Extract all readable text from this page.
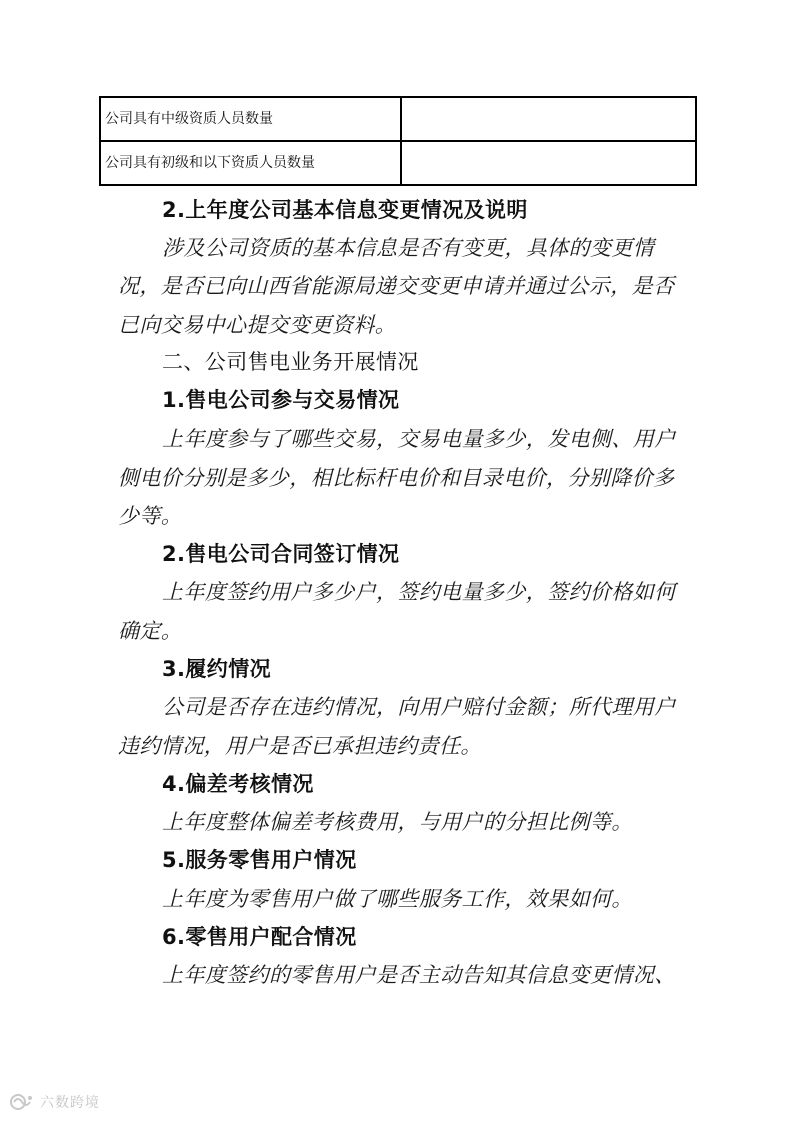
公司具有中级资质人员数量	
公司具有初级和以下资质人员数量	
2.上年度公司基本信息变更情况及说明
涉及公司资质的基本信息是否有变更，具体的变更情
况，是否已向山西省能源局递交变更申请并通过公示，是否
已向交易中心提交变更资料。
二、公司售电业务开展情况
1.售电公司参与交易情况
上年度参与了哪些交易，交易电量多少，发电侧、用户
侧电价分别是多少，相比标杆电价和目录电价，分别降价多
少等。
2.售电公司合同签订情况
上年度签约用户多少户，签约电量多少，签约价格如何
确定。
3.履约情况
公司是否存在违约情况，向用户赔付金额；所代理用户
违约情况，用户是否已承担违约责任。
4.偏差考核情况
上年度整体偏差考核费用，与用户的分担比例等。
5.服务零售用户情况
上年度为零售用户做了哪些服务工作，效果如何。
6.零售用户配合情况
上年度签约的零售用户是否主动告知其信息变更情况、
六数跨境
